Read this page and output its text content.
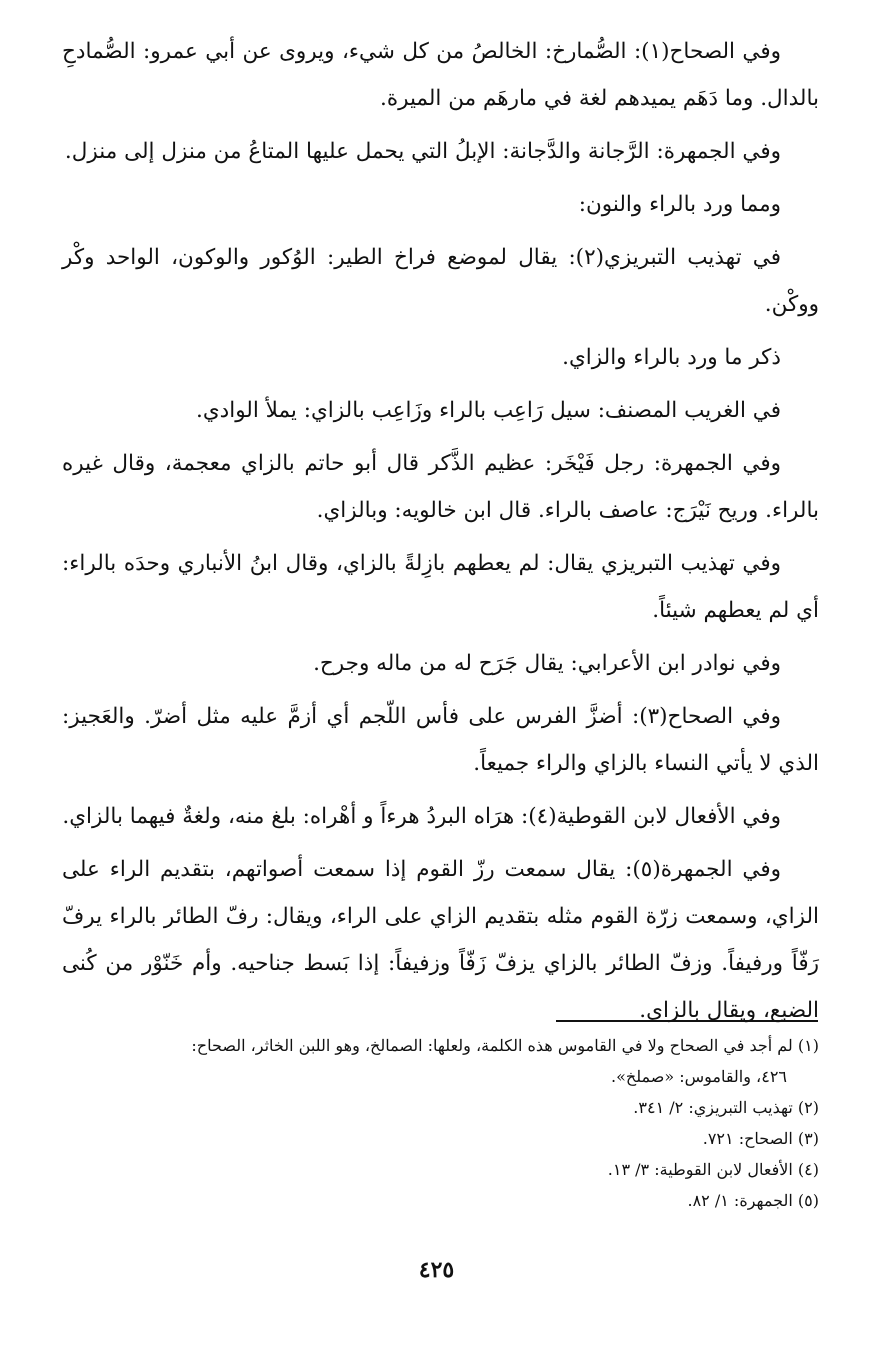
وفي الصحاح(١): الصُّمارخ: الخالصُ من كل شيء، ويروى عن أبي عمرو: الصُّمادحِ بالدال. وما دَهَم يميدهم لغة في مارهَم من الميرة.

وفي الجمهرة: الرَّجانة والدَّجانة: الإبلُ التي يحمل عليها المتاعُ من منزل إلى منزل.

ومما ورد بالراء والنون:

في تهذيب التبريزي(٢): يقال لموضع فراخ الطير: الوُكور والوكون، الواحد وكْر ووكْن.

ذكر ما ورد بالراء والزاي.

في الغريب المصنف: سيل رَاعِب بالراء وزَاعِب بالزاي: يملأ الوادي.

وفي الجمهرة: رجل فَيْخَر: عظيم الذَّكر قال أبو حاتم بالزاي معجمة، وقال غيره بالراء. وريح نَيْرَج: عاصف بالراء. قال ابن خالويه: وبالزاي.

وفي تهذيب التبريزي يقال: لم يعطهم بازِلةً بالزاي، وقال ابنُ الأنباري وحدَه بالراء: أي لم يعطهم شيئاً.

وفي نوادر ابن الأعرابي: يقال جَرَح له من ماله وجرح.

وفي الصحاح(٣): أضزَّ الفرس على فأس اللّجم أي أزمَّ عليه مثل أضرّ. والعَجيز: الذي لا يأتي النساء بالزاي والراء جميعاً.

وفي الأفعال لابن القوطية(٤): هرَاه البردُ هرءاً و أهْراه: بلغ منه، ولغةٌ فيهما بالزاي.

وفي الجمهرة(٥): يقال سمعت رزّ القوم إذا سمعت أصواتهم، بتقديم الراء على الزاي، وسمعت زرّة القوم مثله بتقديم الزاي على الراء، ويقال: رفّ الطائر بالراء يرفّ رَفّاً ورفيفاً. وزفّ الطائر بالزاي يزفّ زَفّاً وزفيفاً: إذا بَسط جناحيه. وأم خَنّوْر من كُنى الضبع، ويقال بالزاي.

(١) لم أجد في الصحاح ولا في القاموس هذه الكلمة، ولعلها: الصمالخ، وهو اللبن الخاثر، الصحاح:

٤٢٦، والقاموس: «صملخ».

(٢) تهذيب التبريزي: ٢/ ٣٤١.

(٣) الصحاح: ٧٢١.

(٤) الأفعال لابن القوطية: ٣/ ١٣.

(٥) الجمهرة: ١/ ٨٢.

٤٢٥
